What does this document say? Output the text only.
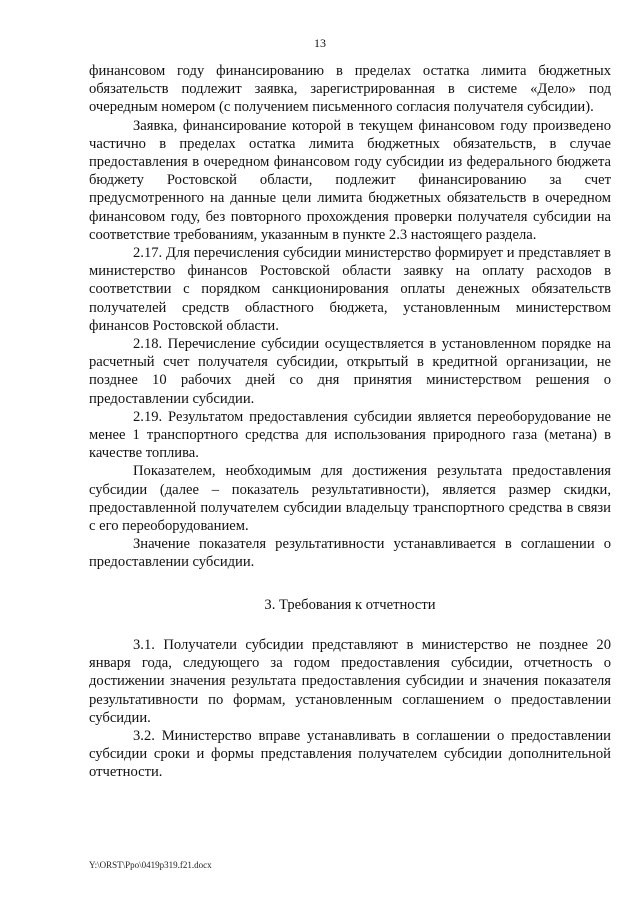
13

финансовом году финансированию в пределах остатка лимита бюджетных обязательств подлежит заявка, зарегистрированная в системе «Дело» под очередным номером (с получением письменного согласия получателя субсидии).

Заявка, финансирование которой в текущем финансовом году произведено частично в пределах остатка лимита бюджетных обязательств, в случае предоставления в очередном финансовом году субсидии из федерального бюджета бюджету Ростовской области, подлежит финансированию за счет предусмотренного на данные цели лимита бюджетных обязательств в очередном финансовом году, без повторного прохождения проверки получателя субсидии на соответствие требованиям, указанным в пункте 2.3 настоящего раздела.

2.17. Для перечисления субсидии министерство формирует и представляет в министерство финансов Ростовской области заявку на оплату расходов в соответствии с порядком санкционирования оплаты денежных обязательств получателей средств областного бюджета, установленным министерством финансов Ростовской области.

2.18. Перечисление субсидии осуществляется в установленном порядке на расчетный счет получателя субсидии, открытый в кредитной организации, не позднее 10 рабочих дней со дня принятия министерством решения о предоставлении субсидии.

2.19. Результатом предоставления субсидии является переоборудование не менее 1 транспортного средства для использования природного газа (метана) в качестве топлива.

Показателем, необходимым для достижения результата предоставления субсидии (далее – показатель результативности), является размер скидки, предоставленной получателем субсидии владельцу транспортного средства в связи с его переоборудованием.

Значение показателя результативности устанавливается в соглашении о предоставлении субсидии.

3. Требования к отчетности

3.1. Получатели субсидии представляют в министерство не позднее 20 января года, следующего за годом предоставления субсидии, отчетность о достижении значения результата предоставления субсидии и значения показателя результативности по формам, установленным соглашением о предоставлении субсидии.

3.2. Министерство вправе устанавливать в соглашении о предоставлении субсидии сроки и формы представления получателем субсидии дополнительной отчетности.

Y:\ORST\Ppo\0419p319.f21.docx
